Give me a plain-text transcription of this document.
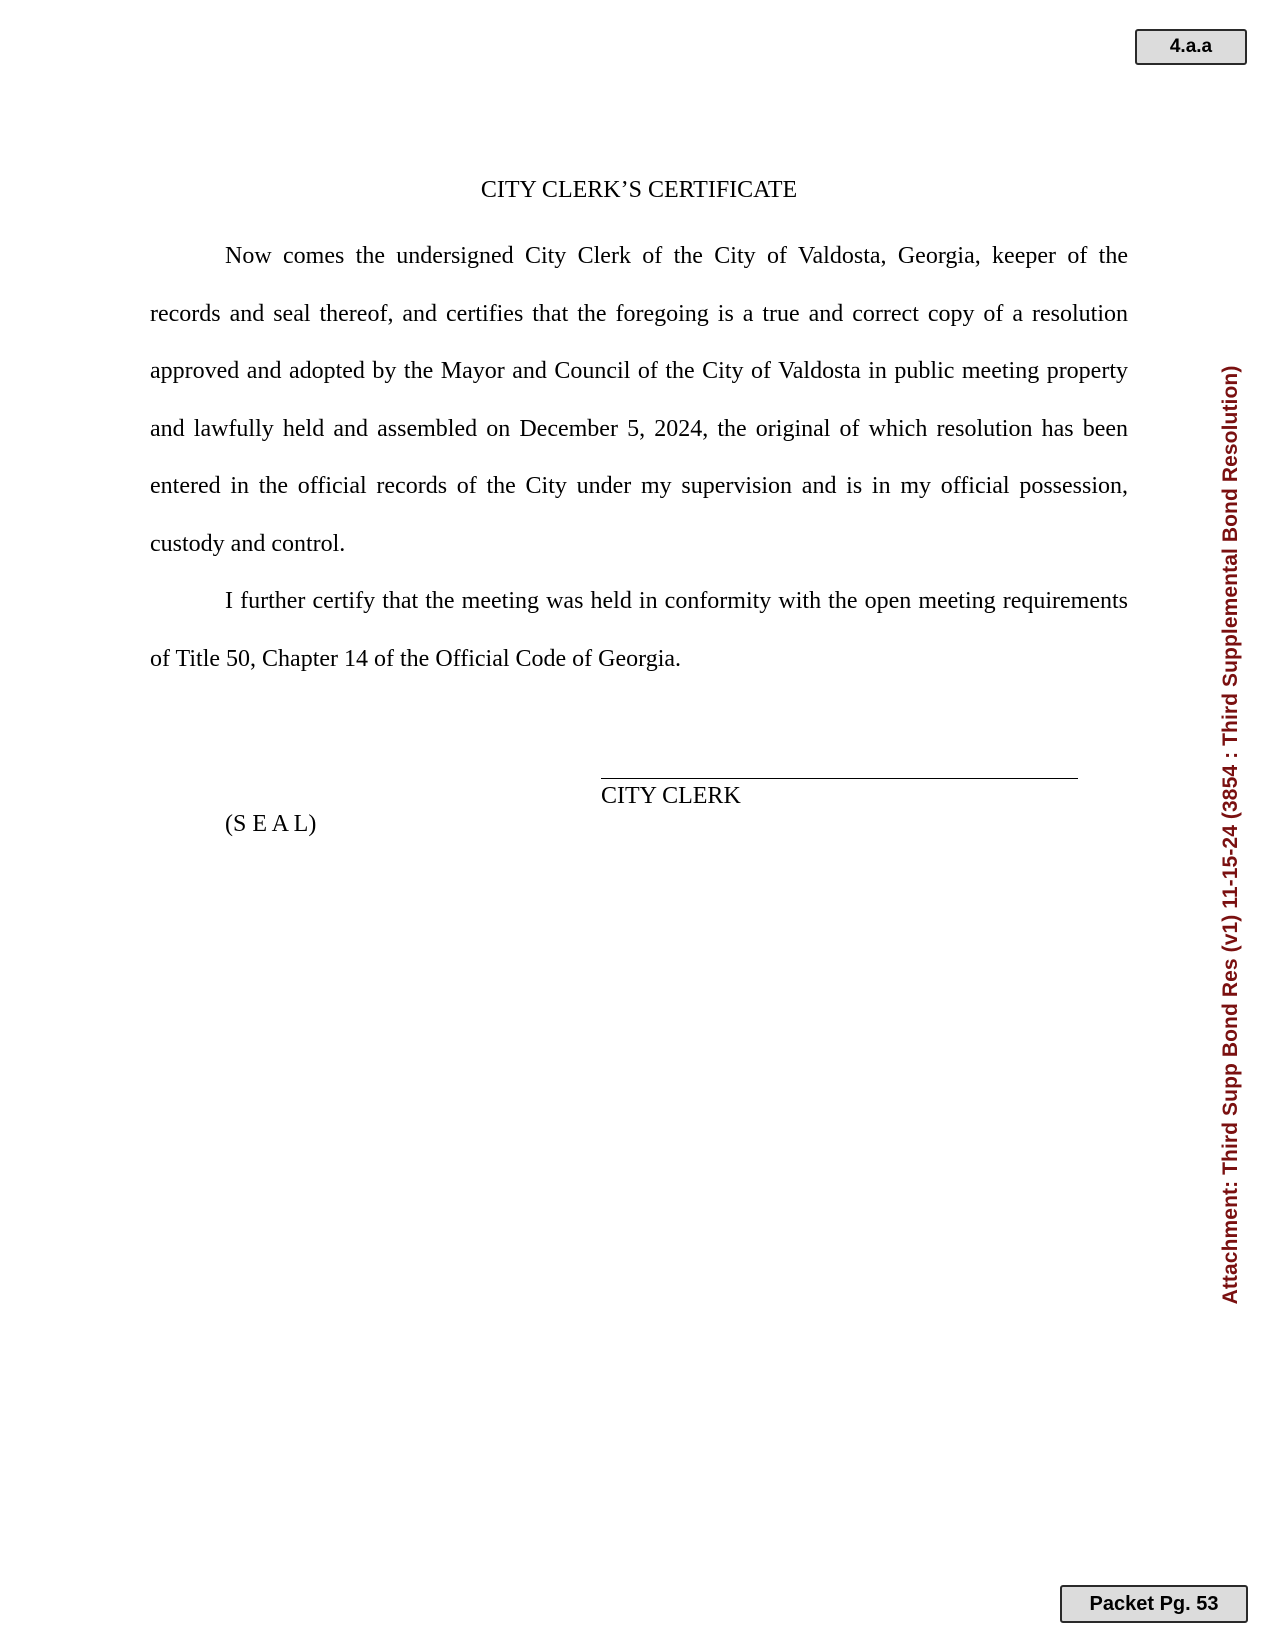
4.a.a
Attachment: Third Supp Bond Res (v1) 11-15-24 (3854 : Third Supplemental Bond Resolution)
CITY CLERK’S CERTIFICATE

Now comes the undersigned City Clerk of the City of Valdosta, Georgia, keeper of the records and seal thereof, and certifies that the foregoing is a true and correct copy of a resolution approved and adopted by the Mayor and Council of the City of Valdosta in public meeting property and lawfully held and assembled on December 5, 2024, the original of which resolution has been entered in the official records of the City under my supervision and is in my official possession, custody and control.

I further certify that the meeting was held in conformity with the open meeting requirements of Title 50, Chapter 14 of the Official Code of Georgia.

CITY CLERK
(S E A L)
Packet Pg. 53
